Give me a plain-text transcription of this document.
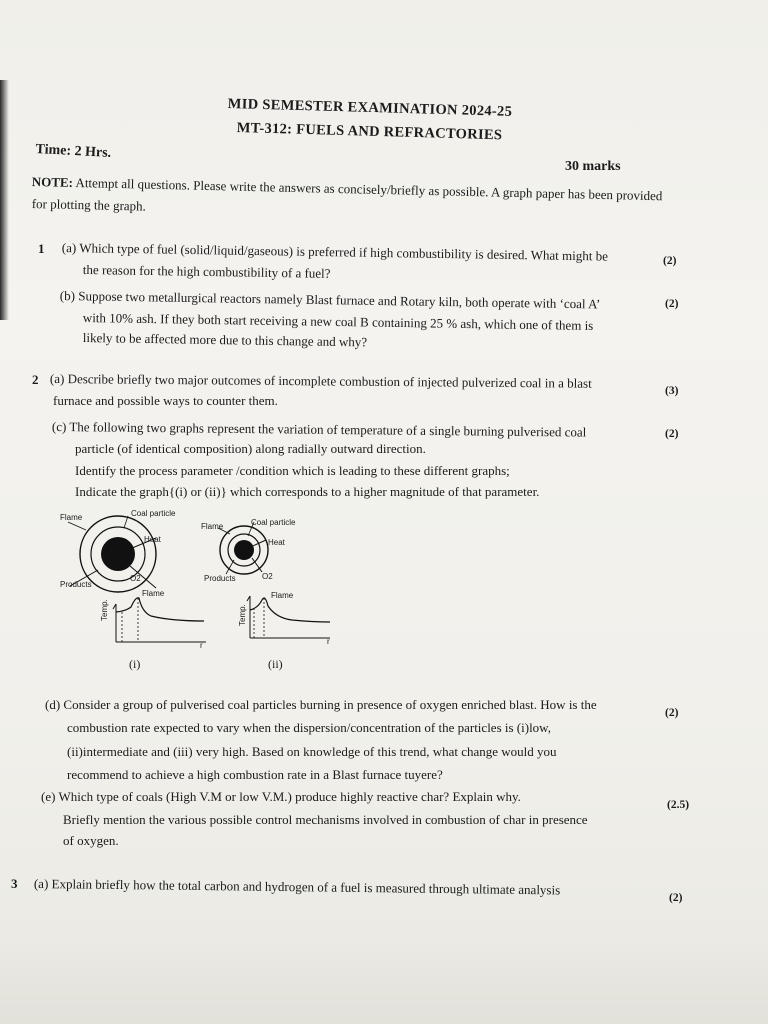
MID SEMESTER EXAMINATION 2024-25
MT-312: FUELS AND REFRACTORIES
Time: 2 Hrs.
30 marks
NOTE: Attempt all questions. Please write the answers as concisely/briefly as possible. A graph paper has been provided
for plotting the graph.
1 (a) Which type of fuel (solid/liquid/gaseous) is preferred if high combustibility is desired. What might be
the reason for the high combustibility of a fuel?
(2)
(b) Suppose two metallurgical reactors namely Blast furnace and Rotary kiln, both operate with ‘coal A’
with 10% ash. If they both start receiving a new coal B containing 25 % ash, which one of them is
likely to be affected more due to this change and why?
(2)
2 (a) Describe briefly two major outcomes of incomplete combustion of injected pulverized coal in a blast
furnace and possible ways to counter them.
(3)
(c) The following two graphs represent the variation of temperature of a single burning pulverised coal
particle (of identical composition) along radially outward direction.
Identify the process parameter /condition which is leading to these different graphs;
Indicate the graph{(i) or (ii)} which corresponds to a higher magnitude of that parameter.
(2)
Flame	Coal particle
Heat
O2
Products
Flame
Temp.
r
(i)
Flame	Coal particle
Heat
O2
Products
Flame
Temp.
r
(ii)
(d) Consider a group of pulverised coal particles burning in presence of oxygen enriched blast. How is the
combustion rate expected to vary when the dispersion/concentration of the particles is (i)low,
(ii)intermediate and (iii) very high. Based on knowledge of this trend, what change would you
recommend to achieve a high combustion rate in a Blast furnace tuyere?
(2)
(e) Which type of coals (High V.M or low V.M.) produce highly reactive char? Explain why.
Briefly mention the various possible control mechanisms involved in combustion of char in presence
of oxygen.
(2.5)
3 (a) Explain briefly how the total carbon and hydrogen of a fuel is measured through ultimate analysis
(2)
